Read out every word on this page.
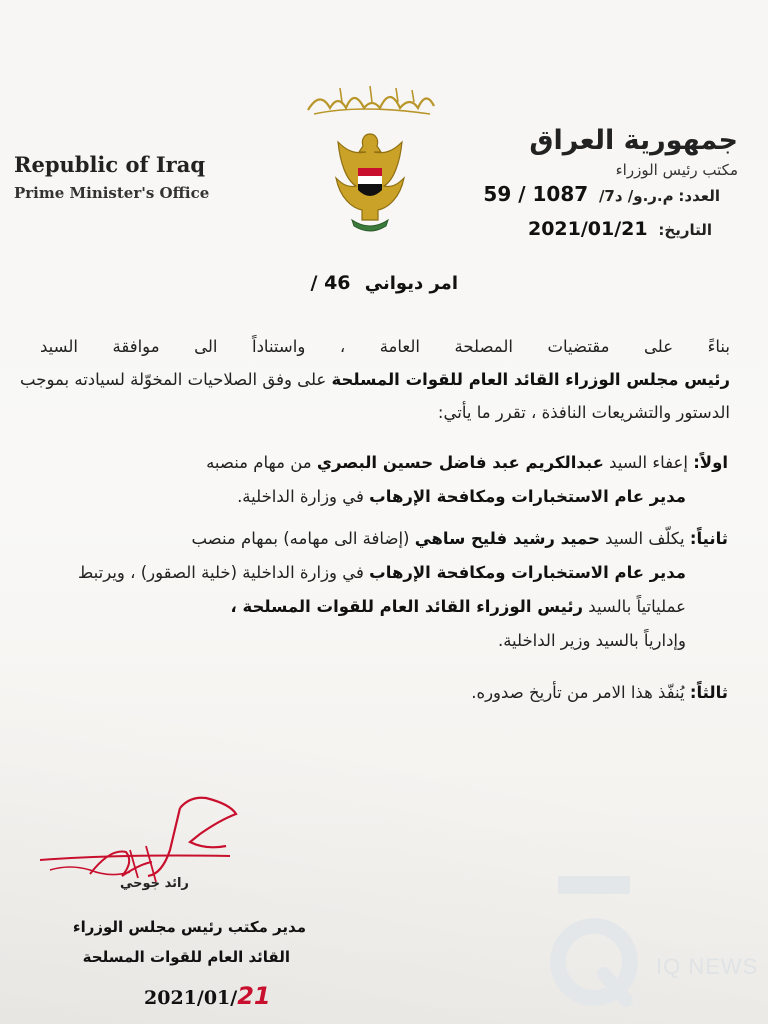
Republic of Iraq
Prime Minister's Office
جمهورية العراق
مكتب رئيس الوزراء
العدد: م.ر.و/ د7/ 1087 / 59
التاريخ: 2021/01/21
امر ديواني 46 /
بناءً على مقتضيات المصلحة العامة ، واستناداً الى موافقة السيد
رئيس مجلس الوزراء القائد العام للقوات المسلحة على وفق الصلاحيات المخوّلة لسيادته بموجب
الدستور والتشريعات النافذة ، تقرر ما يأتي:
اولاً: إعفاء السيد عبدالكريم عبد فاضل حسين البصري من مهام منصبه
مدير عام الاستخبارات ومكافحة الإرهاب في وزارة الداخلية.
ثانياً: يكلّف السيد حميد رشيد فليح ساهي (إضافة الى مهامه) بمهام منصب
مدير عام الاستخبارات ومكافحة الإرهاب في وزارة الداخلية (خلية الصقور) ، ويرتبط
عملياتياً بالسيد رئيس الوزراء القائد العام للقوات المسلحة ،
وإدارياً بالسيد وزير الداخلية.
ثالثاً: يُنفّذ هذا الامر من تأريخ صدوره.
رائد جوحي
مدير مكتب رئيس مجلس الوزراء
القائد العام للقوات المسلحة
2021/01/21
IQ NEWS
